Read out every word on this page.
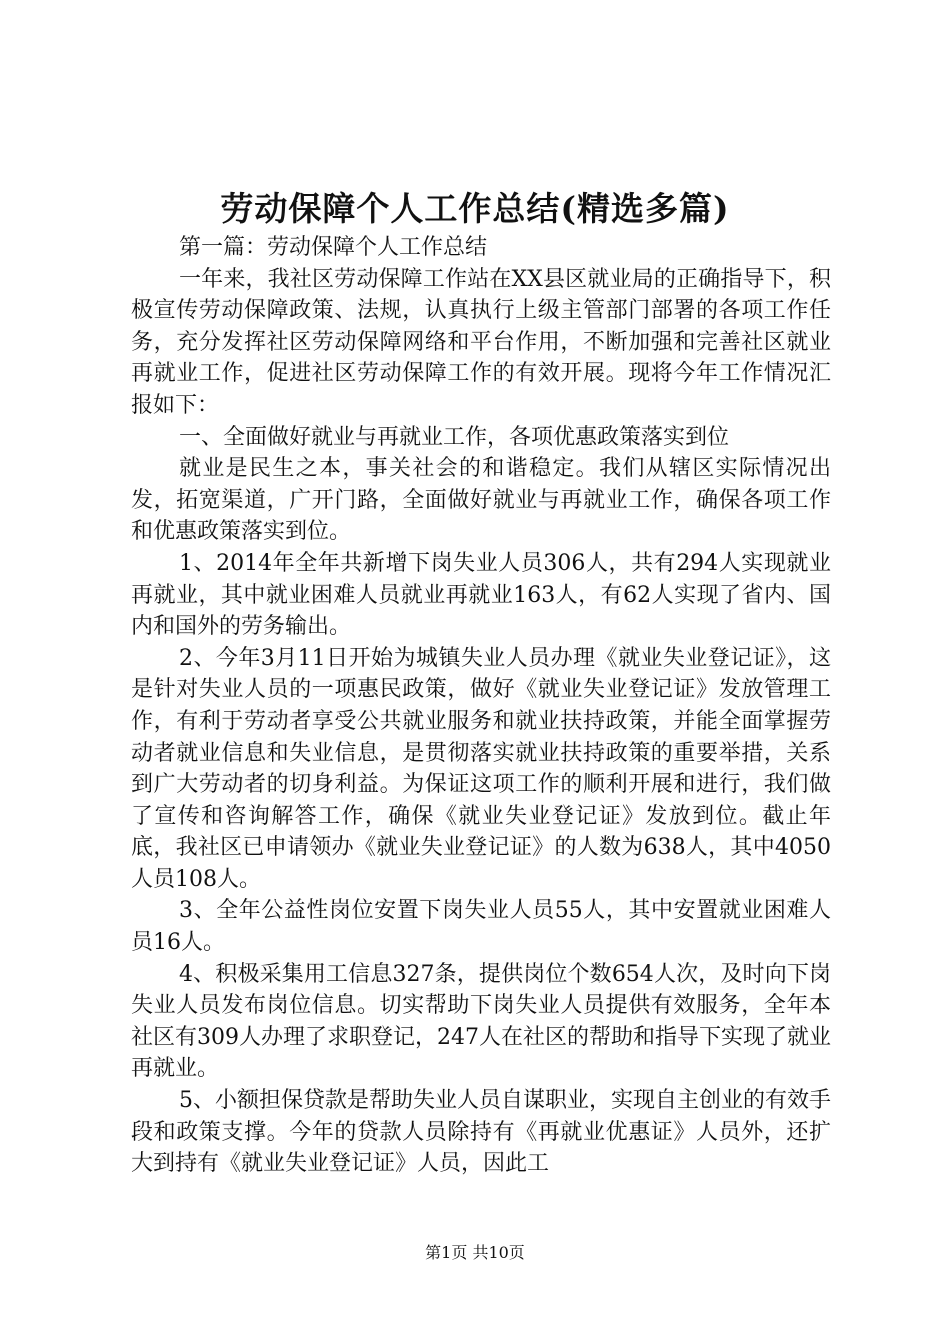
劳动保障个人工作总结(精选多篇)

第一篇：劳动保障个人工作总结

一年来，我社区劳动保障工作站在XX县区就业局的正确指导下，积极宣传劳动保障政策、法规，认真执行上级主管部门部署的各项工作任务，充分发挥社区劳动保障网络和平台作用，不断加强和完善社区就业再就业工作，促进社区劳动保障工作的有效开展。现将今年工作情况汇报如下：

一、全面做好就业与再就业工作，各项优惠政策落实到位

就业是民生之本，事关社会的和谐稳定。我们从辖区实际情况出发，拓宽渠道，广开门路，全面做好就业与再就业工作，确保各项工作和优惠政策落实到位。

1、2014年全年共新增下岗失业人员306人，共有294人实现就业再就业，其中就业困难人员就业再就业163人，有62人实现了省内、国内和国外的劳务输出。

2、今年3月11日开始为城镇失业人员办理《就业失业登记证》，这是针对失业人员的一项惠民政策，做好《就业失业登记证》发放管理工作，有利于劳动者享受公共就业服务和就业扶持政策，并能全面掌握劳动者就业信息和失业信息，是贯彻落实就业扶持政策的重要举措，关系到广大劳动者的切身利益。为保证这项工作的顺利开展和进行，我们做了宣传和咨询解答工作，确保《就业失业登记证》发放到位。截止年底，我社区已申请领办《就业失业登记证》的人数为638人，其中4050人员108人。

3、全年公益性岗位安置下岗失业人员55人，其中安置就业困难人员16人。

4、积极采集用工信息327条，提供岗位个数654人次，及时向下岗失业人员发布岗位信息。切实帮助下岗失业人员提供有效服务，全年本社区有309人办理了求职登记，247人在社区的帮助和指导下实现了就业再就业。

5、小额担保贷款是帮助失业人员自谋职业，实现自主创业的有效手段和政策支撑。今年的贷款人员除持有《再就业优惠证》人员外，还扩大到持有《就业失业登记证》人员，因此工

第1页 共10页
